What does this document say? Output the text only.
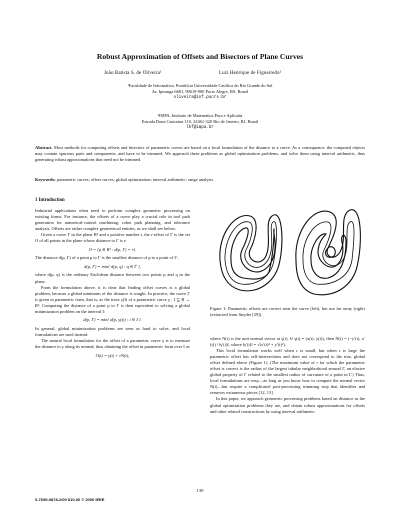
Robust Approximation of Offsets and Bisectors of Plane Curves
João Batista S. de Oliveira¹	Luiz Henrique de Figueiredo²
¹Faculdade de Informática, Pontifícia Universidade Católica do Rio Grande do Sul
Av. Ipiranga 6681, 90619-900 Porto Alegre, RS, Brazil
oliveira@inf.pucrs.br
²IMPA–Instituto de Matemática Pura e Aplicada
Estrada Dona Castorina 110, 22461-320 Rio de Janeiro, RJ, Brazil
lhf@impa.br
Abstract. Most methods for computing offsets and bisectors of parametric curves are based on a local formulation of the distance to a curve. As a consequence, the computed objects may contain spurious parts and components, and have to be trimmed. We approach these problems as global optimization problems, and solve them using interval arithmetic, thus generating robust approximations that need not be trimmed.
Keywords: parametric curves; offset curves; global optimization; interval arithmetic; range analysis.
1 Introduction

Industrial applications often need to perform complex geometric processing on existing forms. For instance, the offsets of a curve play a crucial role in tool path generation for numerical-control machining, robot path planning, and tolerance analysis. Offsets are rather complex geometrical entities, as we shall see below.

Given a curve Γ in the plane R² and a positive number r, the r-offset of Γ is the set O of all points in the plane whose distance to Γ is r:

O = {p ∈ R² : d(p, Γ) = r}.

The distance d(p, Γ) of a point p to Γ is the smallest distance of p to a point of Γ:

d(p, Γ) = min{ d(p, q) : q ∈ Γ },

where d(p, q) is the ordinary Euclidean distance between two points p and q in the plane.

From the formulation above, it is clear that finding offset curves is a global problem, because a global minimum of the distance is sought. In practice, the curve Γ is given in parametric form, that is, as the trace γ(I) of a parametric curve γ : I ⊆ R → R². Computing the distance of a point p to Γ is then equivalent to solving a global minimization problem on the interval I:

d(p, Γ) = min{ d(p, γ(t)) : t ∈ I }.

In general, global minimization problems are seen as hard to solve, and local formulations are used instead.

The natural local formulation for the offset of a parametric curve γ is to measure the distance to γ along its normal, thus obtaining the offset in parametric form over I as

O(t) = γ(t) + rN(t),
Figure 1: Parametric offsets are correct near the curve (left), but not far away (right) (extracted from Snyder [29]).

where N(t) is the unit normal vector at γ(t). If γ(t) = (x(t), y(t)), then N(t) = (−y′(t), x′(t)) / ‖γ′(t)‖, where ‖γ′(t)‖ = √(x′(t)² + y′(t)²).

This local formulation works well when r is small, but when r is large the parametric offset has self-intersections and does not correspond to the true, global offset defined above (Figure 1). (The maximum value of r for which the parametric offset is correct is the radius of the largest tubular neighborhood around Γ, an elusive global property of Γ related to the smallest radius of curvature of a point in Γ.) Thus, local formulations are easy—as long as you know how to compute the normal vector N(t)—but require a complicated post-processing trimming step that identifies and removes extraneous pieces [12, 13].

In this paper, we approach geometric processing problems based on distance as the global optimization problems they are, and obtain robust approximations for offsets and other related constructions by using interval arithmetic.

139
0-7695-0878-2/00 $10.00 © 2000 IEEE
